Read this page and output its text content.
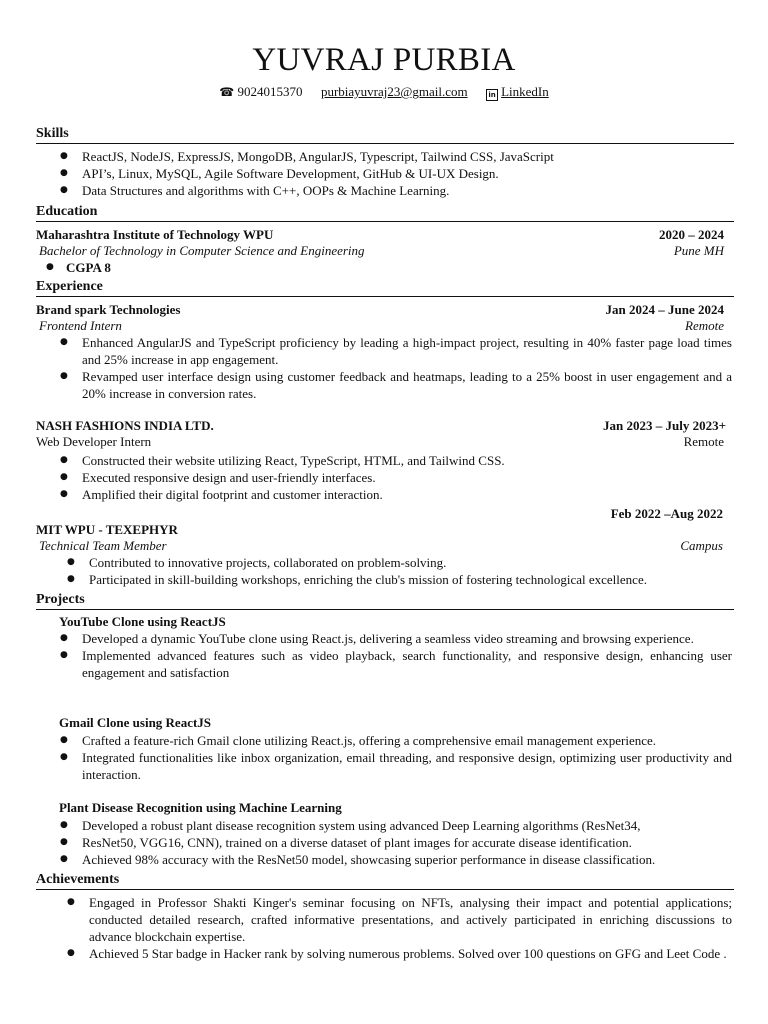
YUVRAJ PURBIA
☎ 9024015370 purbiayuvraj23@gmail.com	in LinkedIn
Skills
● ReactJS, NodeJS, ExpressJS, MongoDB, AngularJS, Typescript, Tailwind CSS, JavaScript
● API’s, Linux, MySQL, Agile Software Development, GitHub & UI-UX Design.
● Data Structures and algorithms with C++, OOPs & Machine Learning.
Education
Maharashtra Institute of Technology WPU	2020 – 2024
Bachelor of Technology in Computer Science and Engineering	Pune MH
● CGPA 8
Experience
Brand spark Technologies	Jan 2024 – June 2024
Frontend Intern	Remote
● Enhanced AngularJS and TypeScript proficiency by leading a high-impact project, resulting in 40% faster page load times and 25% increase in app engagement.
● Revamped user interface design using customer feedback and heatmaps, leading to a 25% boost in user engagement and a 20% increase in conversion rates.
NASH FASHIONS INDIA LTD.	Jan 2023 – July 2023+
Web Developer Intern	Remote
● Constructed their website utilizing React, TypeScript, HTML, and Tailwind CSS.
● Executed responsive design and user-friendly interfaces.
● Amplified their digital footprint and customer interaction.
Feb 2022 –Aug 2022
MIT WPU - TEXEPHYR
Technical Team Member	Campus
● Contributed to innovative projects, collaborated on problem-solving.
● Participated in skill-building workshops, enriching the club's mission of fostering technological excellence.
Projects
YouTube Clone using ReactJS
● Developed a dynamic YouTube clone using React.js, delivering a seamless video streaming and browsing experience.
● Implemented advanced features such as video playback, search functionality, and responsive design, enhancing user engagement and satisfaction
Gmail Clone using ReactJS
● Crafted a feature-rich Gmail clone utilizing React.js, offering a comprehensive email management experience.
● Integrated functionalities like inbox organization, email threading, and responsive design, optimizing user productivity and interaction.
Plant Disease Recognition using Machine Learning
● Developed a robust plant disease recognition system using advanced Deep Learning algorithms (ResNet34,
● ResNet50, VGG16, CNN), trained on a diverse dataset of plant images for accurate disease identification.
● Achieved 98% accuracy with the ResNet50 model, showcasing superior performance in disease classification.
Achievements
● Engaged in Professor Shakti Kinger's seminar focusing on NFTs, analysing their impact and potential applications; conducted detailed research, crafted informative presentations, and actively participated in enriching discussions to advance blockchain expertise.
● Achieved 5 Star badge in Hacker rank by solving numerous problems. Solved over 100 questions on GFG and Leet Code .
